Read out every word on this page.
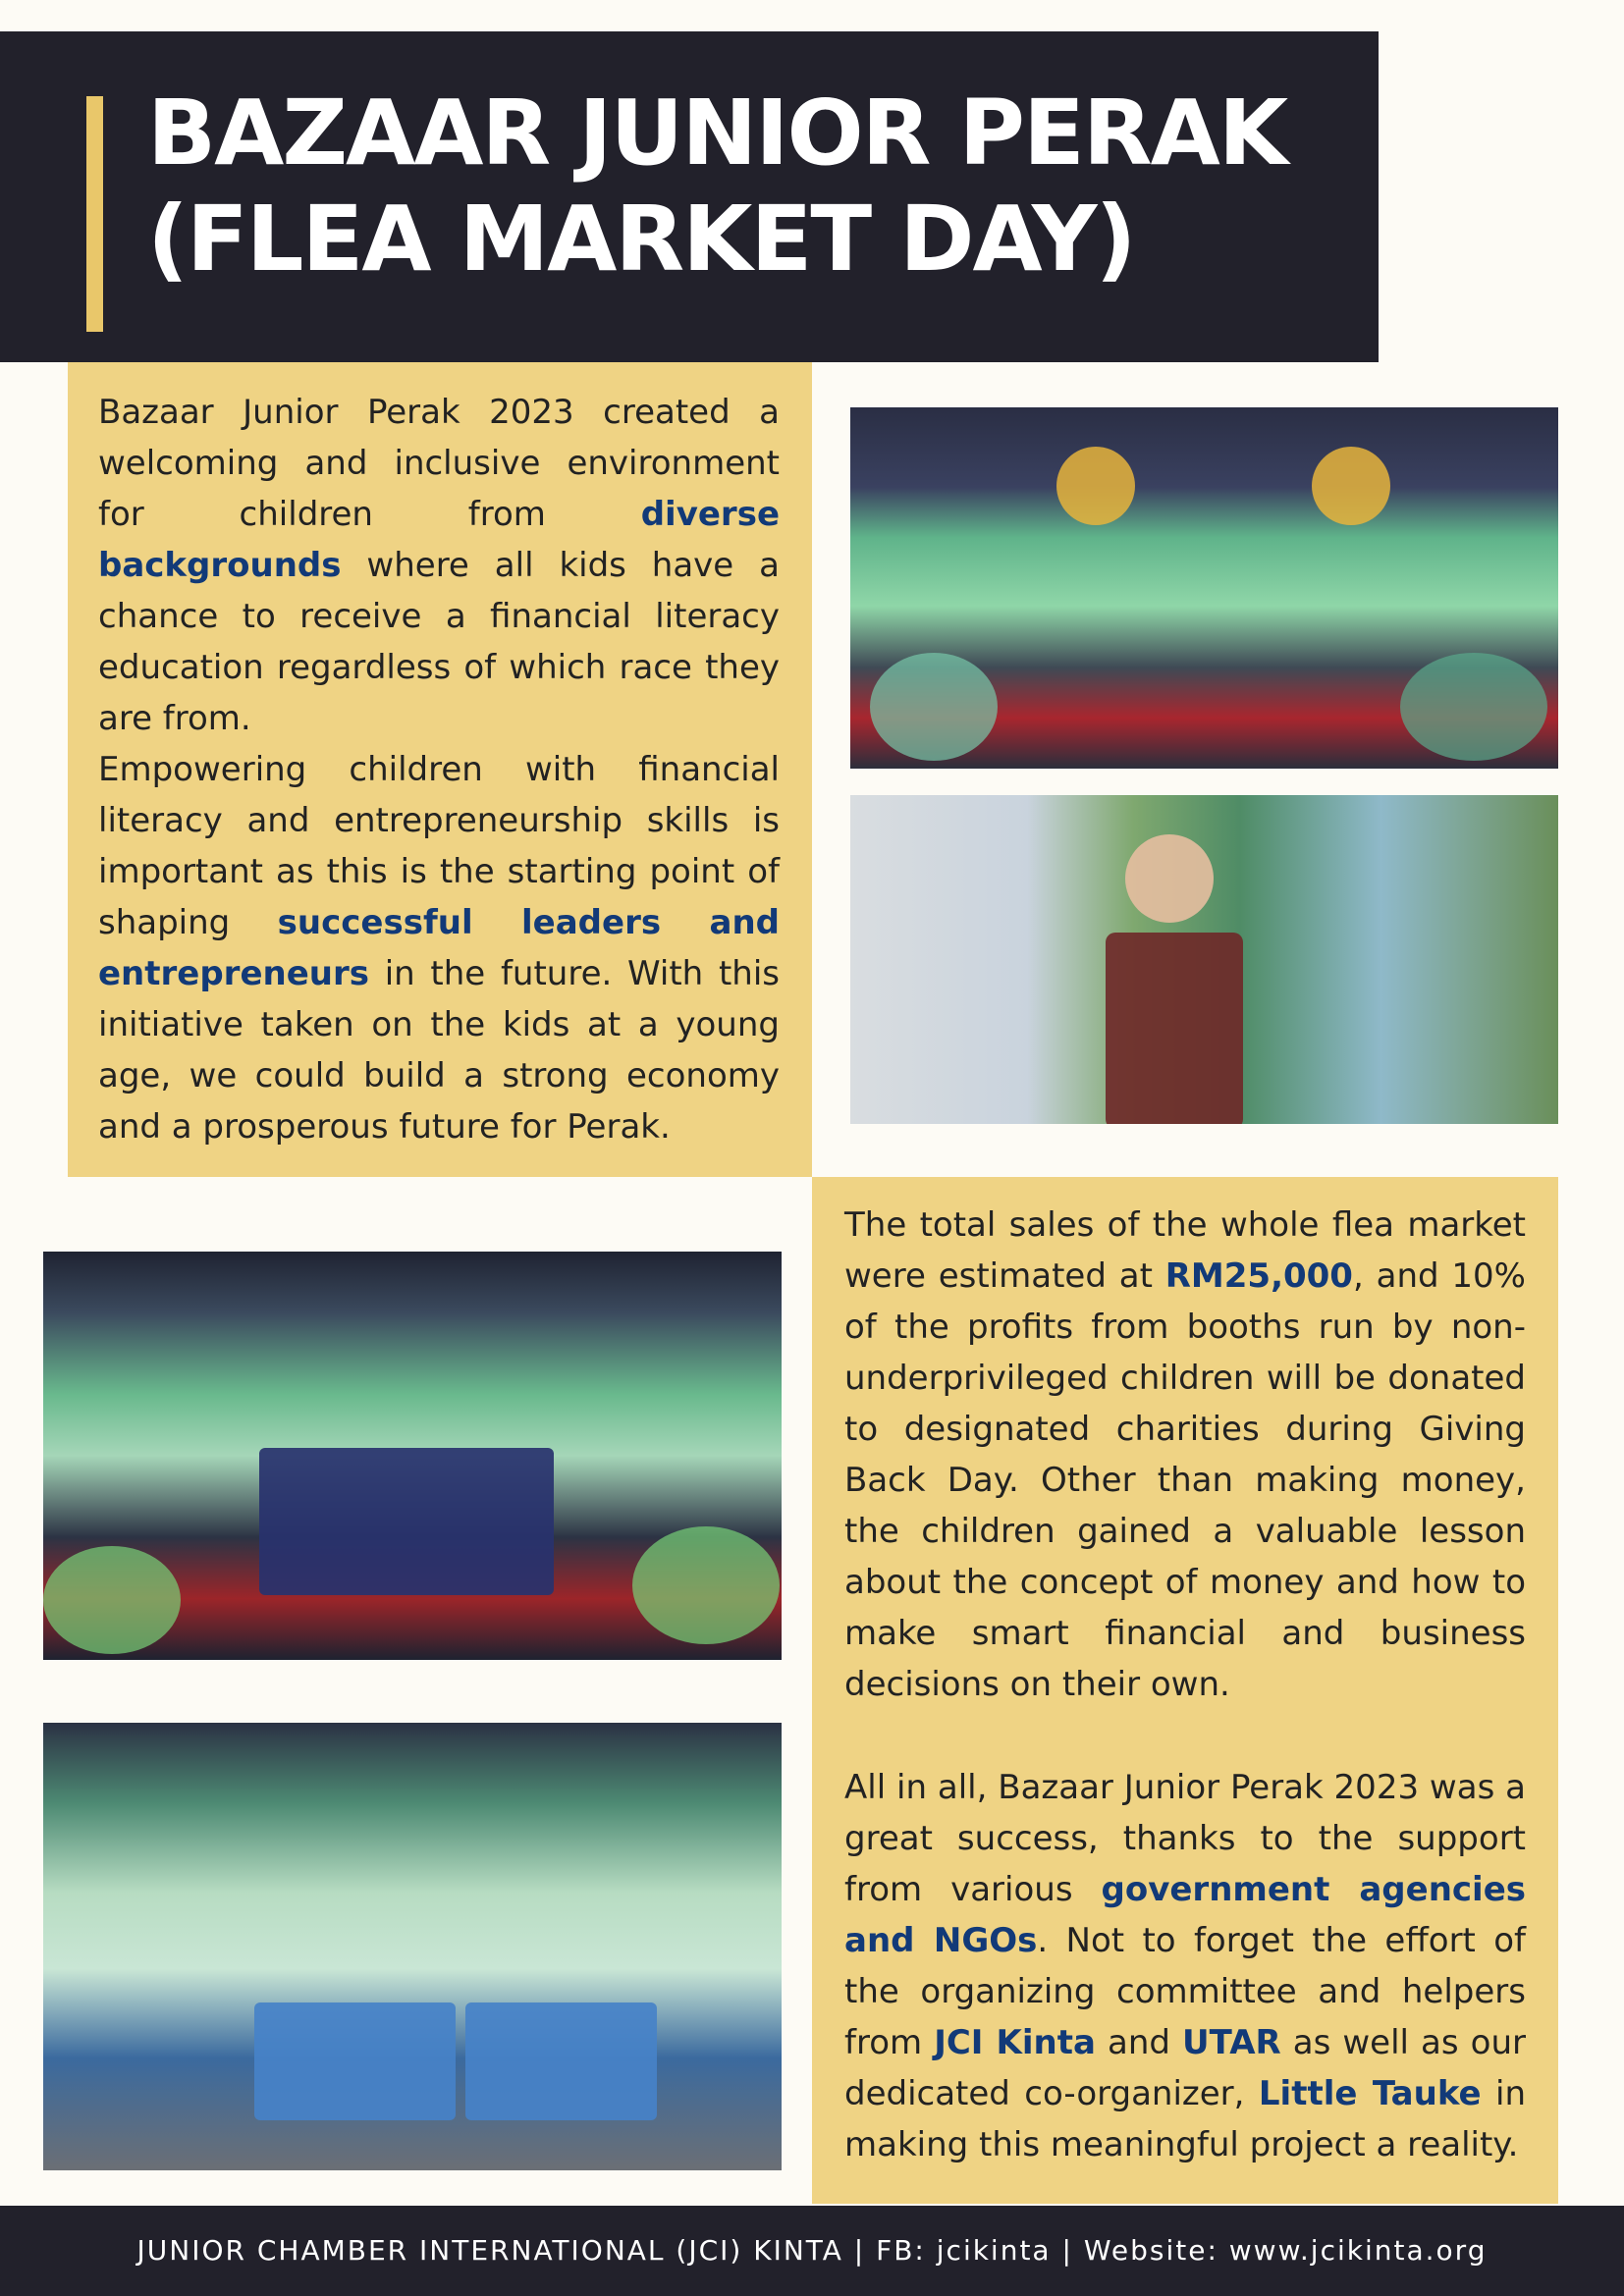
BAZAAR JUNIOR PERAK
(FLEA MARKET DAY)

Bazaar Junior Perak 2023 created a welcoming and inclusive environment for children from diverse backgrounds where all kids have a chance to receive a financial literacy education regardless of which race they are from.

Empowering children with financial literacy and entrepreneurship skills is important as this is the starting point of shaping successful leaders and entrepreneurs in the future. With this initiative taken on the kids at a young age, we could build a strong economy and a prosperous future for Perak.

The total sales of the whole flea market were estimated at RM25,000, and 10% of the profits from booths run by non-underprivileged children will be donated to designated charities during Giving Back Day. Other than making money, the children gained a valuable lesson about the concept of money and how to make smart financial and business decisions on their own.

All in all, Bazaar Junior Perak 2023 was a great success, thanks to the support from various government agencies and NGOs. Not to forget the effort of the organizing committee and helpers from JCI Kinta and UTAR as well as our dedicated co-organizer, Little Tauke in making this meaningful project a reality.

JUNIOR CHAMBER INTERNATIONAL (JCI) KINTA | FB: jcikinta | Website: www.jcikinta.org
